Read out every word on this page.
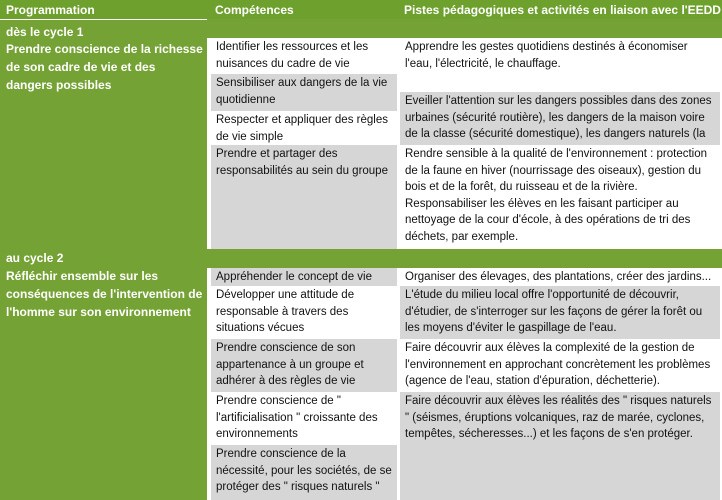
Programmation	Compétences	Pistes pédagogiques et activités en liaison avec l'EEDD
dès le cycle 1
Prendre conscience de la richesse de son cadre de vie et des dangers possibles
au cycle 2
Réfléchir ensemble sur les conséquences de l'intervention de l'homme sur son environnement
Identifier les ressources et les nuisances du cadre de vie
Sensibiliser aux dangers de la vie quotidienne
Respecter et appliquer des règles de vie simple
Prendre et partager des responsabilités au sein du groupe
Apprendre les gestes quotidiens destinés à économiser l'eau, l'électricité, le chauffage.
Eveiller l'attention sur les dangers possibles dans des zones urbaines (sécurité routière), les dangers de la maison voire de la classe (sécurité domestique), les dangers naturels (la
Rendre sensible à la qualité de l'environnement : protection de la faune en hiver (nourrissage des oiseaux), gestion du bois et de la forêt, du ruisseau et de la rivière.
Responsabiliser les élèves en les faisant participer au nettoyage de la cour d'école, à des opérations de tri des déchets, par exemple.
Appréhender le concept de vie
Développer une attitude de responsable à travers des situations vécues
Prendre conscience de son appartenance à un groupe et adhérer à des règles de vie
Prendre conscience de " l'artificialisation " croissante des environnements
Prendre conscience de la nécessité, pour les sociétés, de se protéger des " risques naturels "
Organiser des élevages, des plantations, créer des jardins...
L'étude du milieu local offre l'opportunité de découvrir, d'étudier, de s'interroger sur les façons de gérer la forêt ou les moyens d'éviter le gaspillage de l'eau.
Faire découvrir aux élèves la complexité de la gestion de l'environnement en approchant concrètement les problèmes (agence de l'eau, station d'épuration, déchetterie).
Faire découvrir aux élèves les réalités des " risques naturels " (séismes, éruptions volcaniques, raz de marée, cyclones, tempêtes, sécheresses...) et les façons de s'en protéger.
